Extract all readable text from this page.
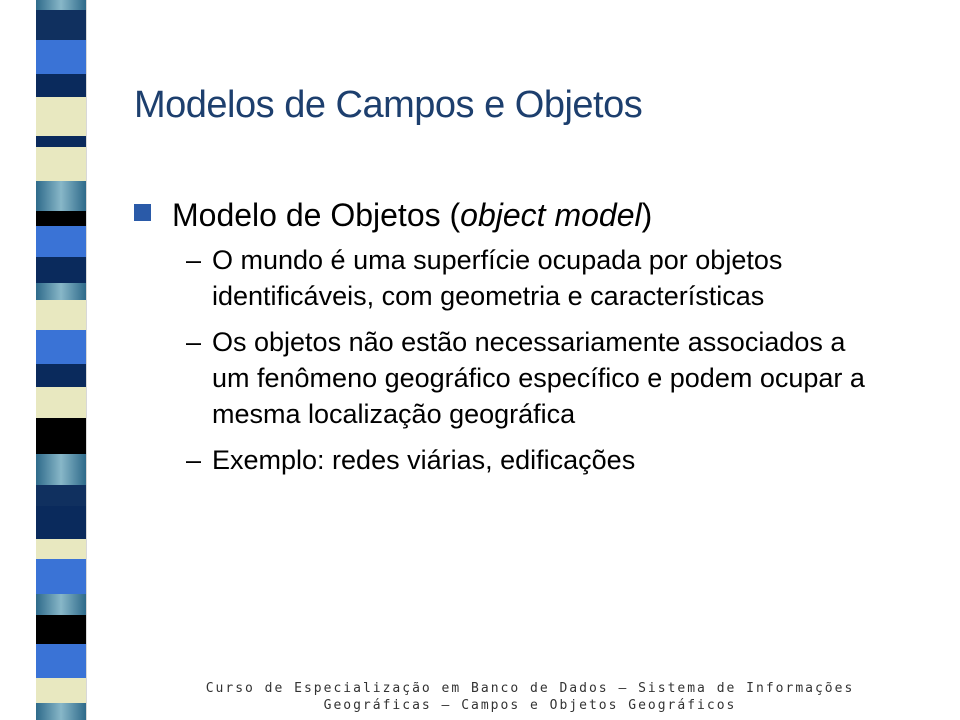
Modelos de Campos e Objetos
Modelo de Objetos (object model)
– O mundo é uma superfície ocupada por objetos identificáveis, com geometria e características
– Os objetos não estão necessariamente associados a um fenômeno geográfico específico e podem ocupar a mesma localização geográfica
– Exemplo: redes viárias, edificações
Curso de Especialização em Banco de Dados – Sistema de Informações
Geográficas – Campos e Objetos Geográficos
